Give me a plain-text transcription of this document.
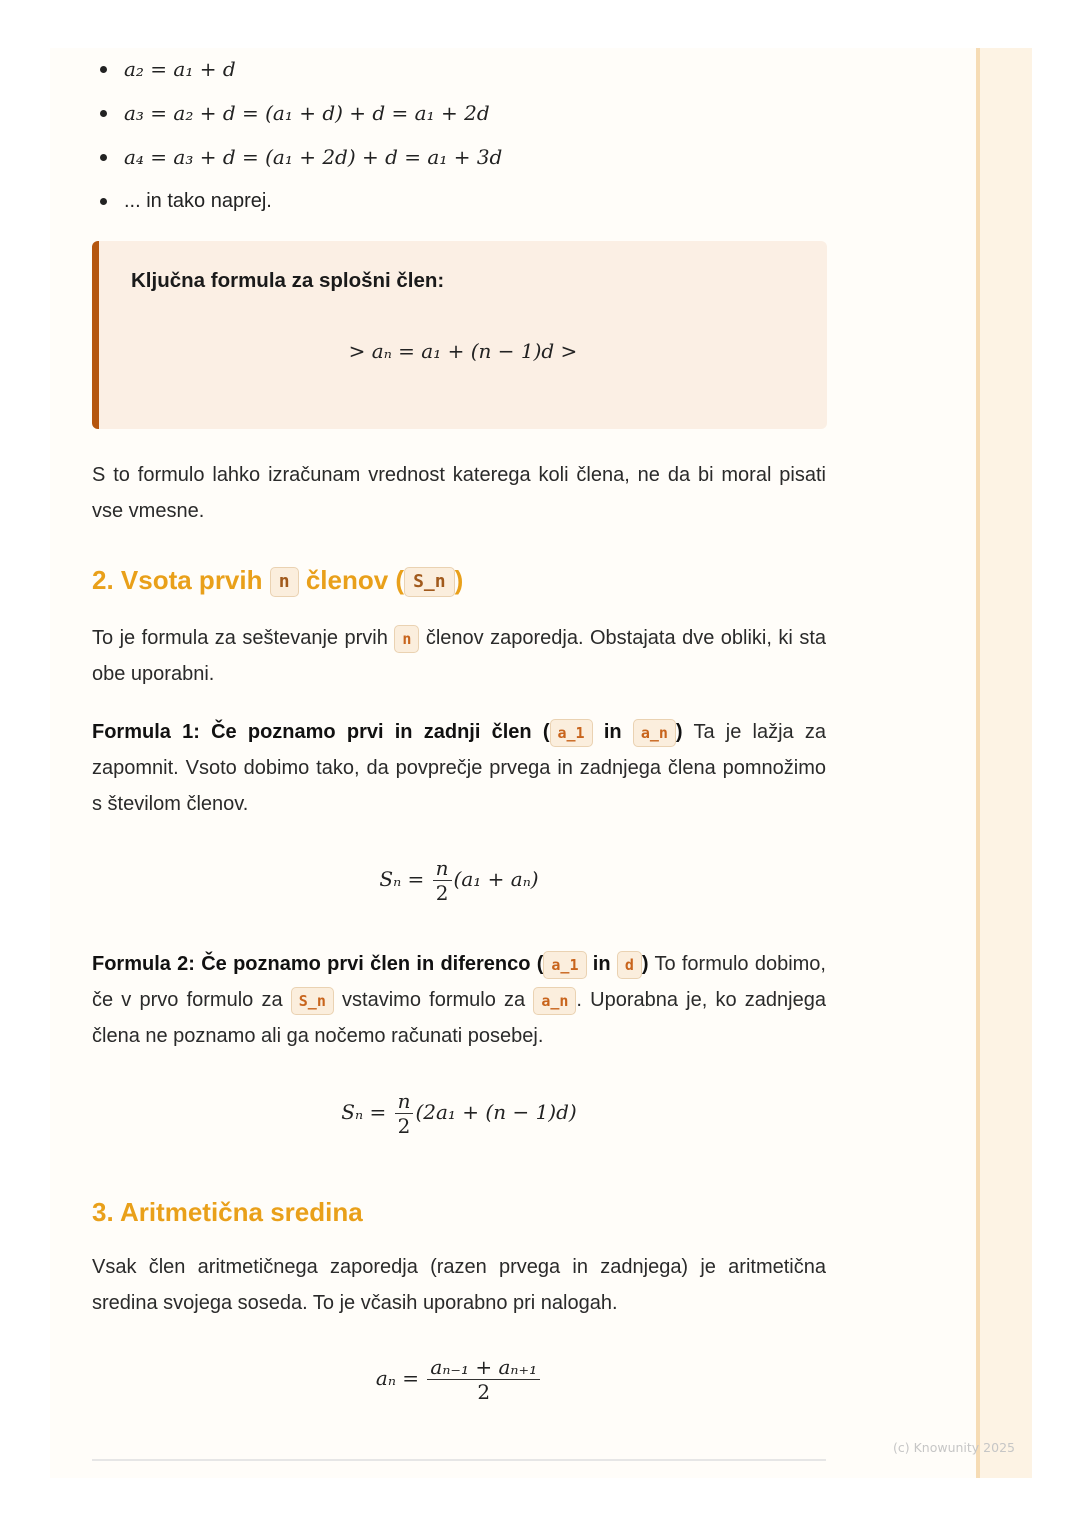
a₂ = a₁ + d
a₃ = a₂ + d = (a₁ + d) + d = a₁ + 2d
a₄ = a₃ + d = (a₁ + 2d) + d = a₁ + 3d
... in tako naprej.
Ključna formula za splošni člen:
> aₙ = a₁ + (n − 1)d >

S to formulo lahko izračunam vrednost katerega koli člena, ne da bi moral pisati vse vmesne.

2. Vsota prvih n členov ( S_n )

To je formula za seštevanje prvih n členov zaporedja. Obstajata dve obliki, ki sta obe uporabni.

Formula 1: Če poznamo prvi in zadnji člen ( a_1 in a_n ) Ta je lažja za zapomnit. Vsoto dobimo tako, da povprečje prvega in zadnjega člena pomnožimo s številom členov.

$S_n = \frac{n}{2} (a_1 + a_n)$

Formula 2: Če poznamo prvi člen in diferenco ( a_1 in d ) To formulo dobimo, če v prvo formulo za S_n vstavimo formulo za a_n . Uporabna je, ko zadnjega člena ne poznamo ali ga nočemo računati posebej.

$S_n = \frac{n}{2} (2a_1 + (n - 1)d)$
3. Aritmetična sredina

Vsak člen aritmetičnega zaporedja (razen prvega in zadnjega) je aritmetična sredina svojega soseda. To je včasih uporabno pri nalogah.

$a_n = \frac{\text{aₙ₋₁ + aₙ₊₁}}{2}$
(c) Knowunity 2025
